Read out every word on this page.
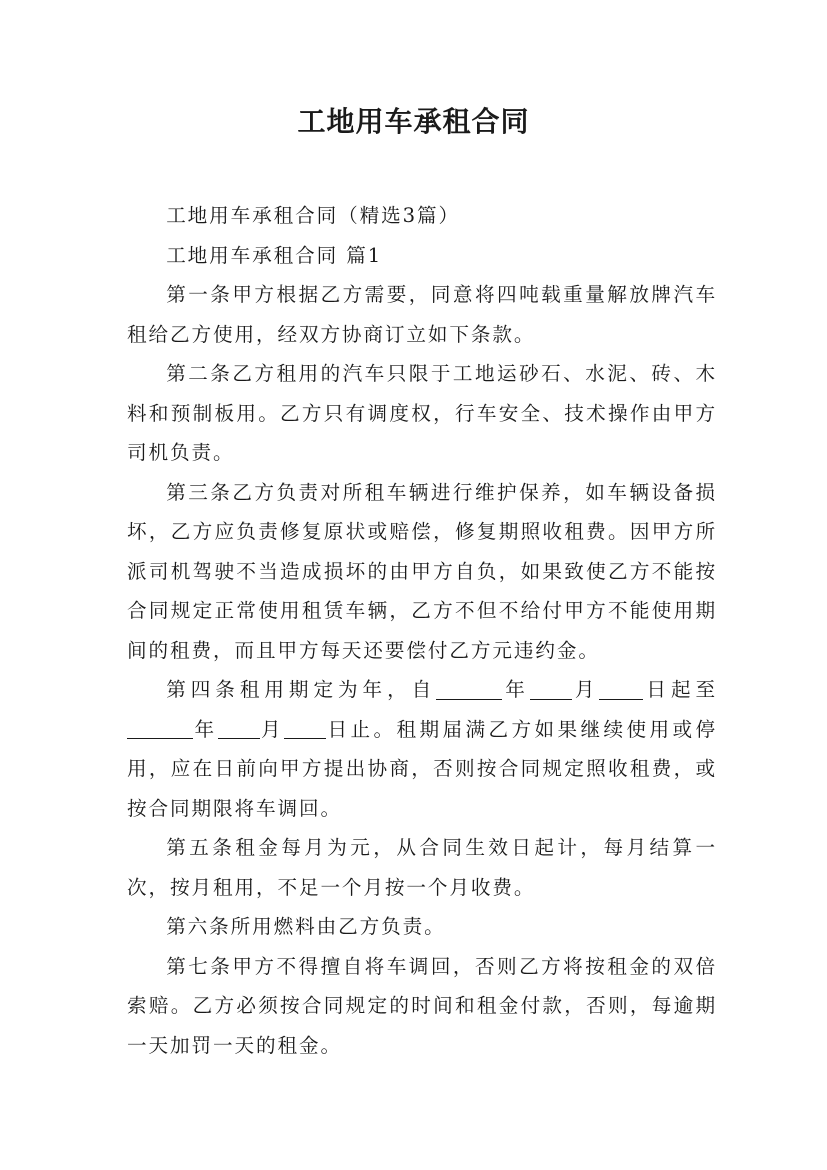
工地用车承租合同

工地用车承租合同（精选3篇）

工地用车承租合同 篇1

第一条甲方根据乙方需要，同意将四吨载重量解放牌汽车租给乙方使用，经双方协商订立如下条款。

第二条乙方租用的汽车只限于工地运砂石、水泥、砖、木料和预制板用。乙方只有调度权，行车安全、技术操作由甲方司机负责。

第三条乙方负责对所租车辆进行维护保养，如车辆设备损坏，乙方应负责修复原状或赔偿，修复期照收租费。因甲方所派司机驾驶不当造成损坏的由甲方自负，如果致使乙方不能按合同规定正常使用租赁车辆，乙方不但不给付甲方不能使用期间的租费，而且甲方每天还要偿付乙方元违约金。

第四条租用期定为年，自	年 月 日起至年 月 日止。租期届满乙方如果继续使用或停用，应在日前向甲方提出协商，否则按合同规定照收租费，或按合同期限将车调回。

第五条租金每月为元，从合同生效日起计，每月结算一次，按月租用，不足一个月按一个月收费。

第六条所用燃料由乙方负责。

第七条甲方不得擅自将车调回，否则乙方将按租金的双倍索赔。乙方必须按合同规定的时间和租金付款，否则，每逾期一天加罚一天的租金。
